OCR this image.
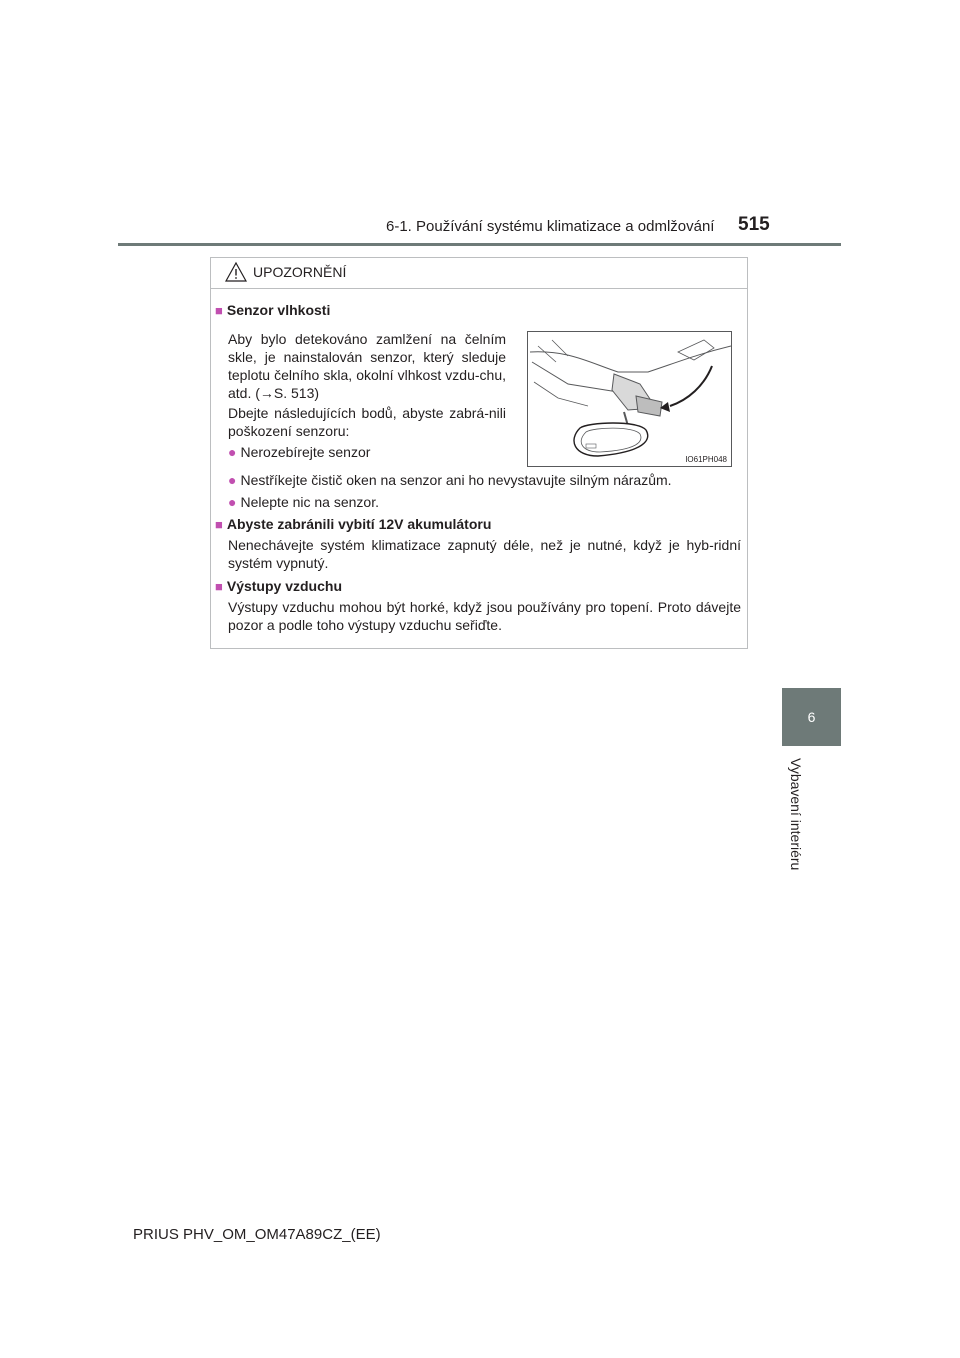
6-1. Používání systému klimatizace a odmlžování 515
6
Vybavení interiéru
UPOZORNĚNÍ
■ Senzor vlhkosti
Aby bylo detekováno zamlžení na čelním skle, je nainstalován senzor, který sleduje teplotu čelního skla, okolní vlhkost vzdu-chu, atd. (→S. 513)
Dbejte následujících bodů, abyste zabrá-nili poškození senzoru:
● Nerozebírejte senzor	IO61PH048
● Nestříkejte čistič oken na senzor ani ho nevystavujte silným nárazům.
● Nelepte nic na senzor.
■ Abyste zabránili vybití 12V akumulátoru
Nenechávejte systém klimatizace zapnutý déle, než je nutné, když je hyb-ridní systém vypnutý.
■ Výstupy vzduchu
Výstupy vzduchu mohou být horké, když jsou používány pro topení. Proto dávejte pozor a podle toho výstupy vzduchu seřiďte.
PRIUS PHV_OM_OM47A89CZ_(EE)
